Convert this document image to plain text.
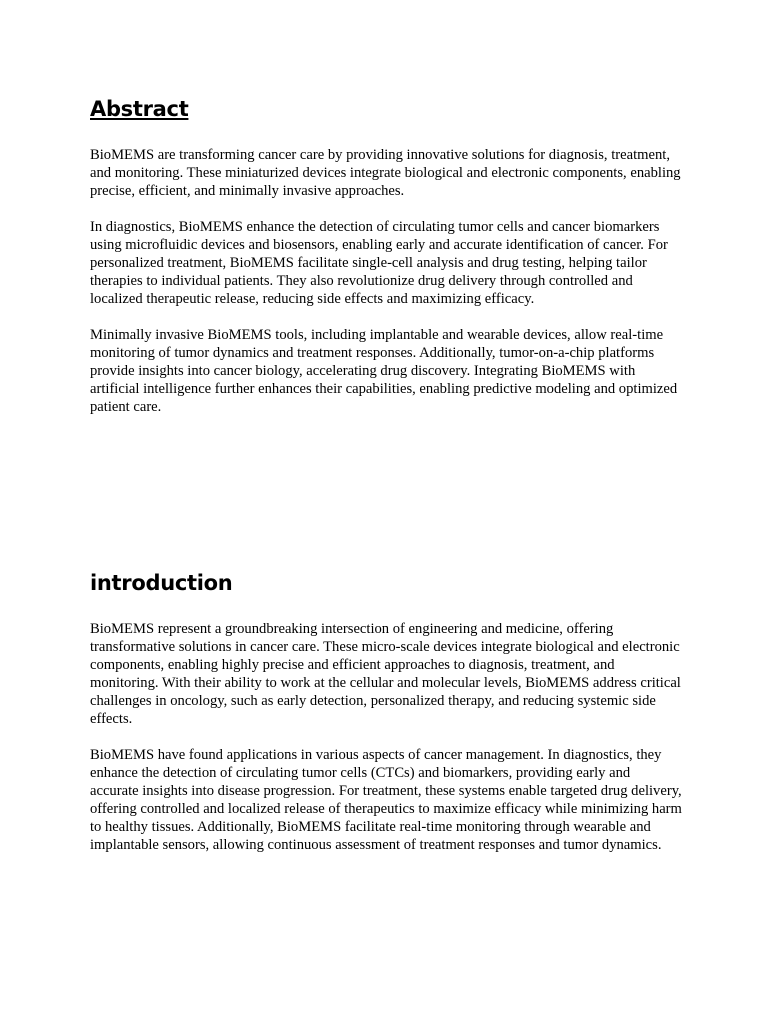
Abstract

BioMEMS are transforming cancer care by providing innovative solutions for diagnosis, treatment, and monitoring. These miniaturized devices integrate biological and electronic components, enabling precise, efficient, and minimally invasive approaches.

In diagnostics, BioMEMS enhance the detection of circulating tumor cells and cancer biomarkers using microfluidic devices and biosensors, enabling early and accurate identification of cancer. For personalized treatment, BioMEMS facilitate single-cell analysis and drug testing, helping tailor therapies to individual patients. They also revolutionize drug delivery through controlled and localized therapeutic release, reducing side effects and maximizing efficacy.

Minimally invasive BioMEMS tools, including implantable and wearable devices, allow real-time monitoring of tumor dynamics and treatment responses. Additionally, tumor-on-a-chip platforms provide insights into cancer biology, accelerating drug discovery. Integrating BioMEMS with artificial intelligence further enhances their capabilities, enabling predictive modeling and optimized patient care.

introduction

BioMEMS represent a groundbreaking intersection of engineering and medicine, offering transformative solutions in cancer care. These micro-scale devices integrate biological and electronic components, enabling highly precise and efficient approaches to diagnosis, treatment, and monitoring. With their ability to work at the cellular and molecular levels, BioMEMS address critical challenges in oncology, such as early detection, personalized therapy, and reducing systemic side effects.

BioMEMS have found applications in various aspects of cancer management. In diagnostics, they enhance the detection of circulating tumor cells (CTCs) and biomarkers, providing early and accurate insights into disease progression. For treatment, these systems enable targeted drug delivery, offering controlled and localized release of therapeutics to maximize efficacy while minimizing harm to healthy tissues. Additionally, BioMEMS facilitate real-time monitoring through wearable and implantable sensors, allowing continuous assessment of treatment responses and tumor dynamics.
